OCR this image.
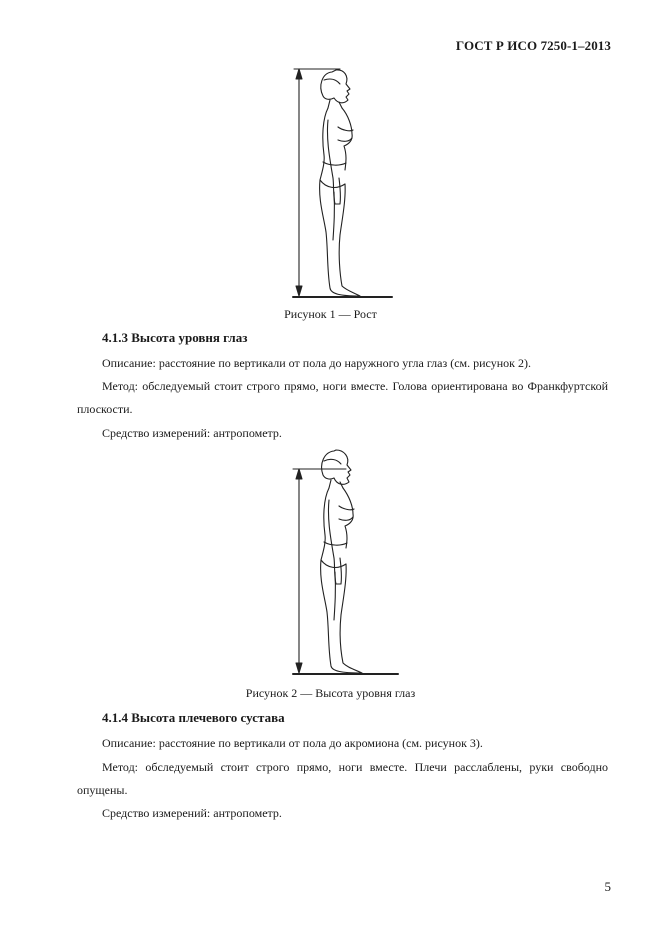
ГОСТ Р ИСО 7250-1–2013
Рисунок 1 — Рост
4.1.3 Высота уровня глаз
Описание: расстояние по вертикали от пола до наружного угла глаз (см. рисунок 2).
Метод: обследуемый стоит строго прямо, ноги вместе. Голова ориентирована во Франкфуртской плоскости.
Средство измерений: антропометр.
Рисунок 2 — Высота уровня глаз
4.1.4 Высота плечевого сустава
Описание: расстояние по вертикали от пола до акромиона (см. рисунок 3).
Метод: обследуемый стоит строго прямо, ноги вместе. Плечи расслаблены, руки свободно опущены.
Средство измерений: антропометр.
5
